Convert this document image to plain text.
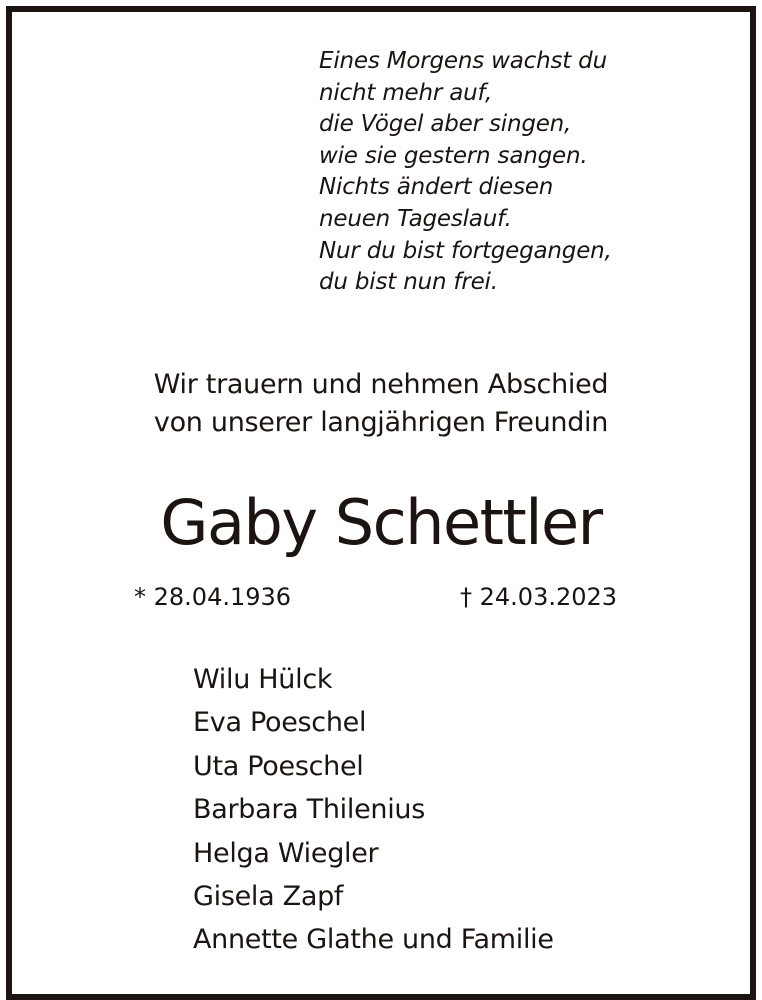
Eines Morgens wachst du
nicht mehr auf,
die Vögel aber singen,
wie sie gestern sangen.
Nichts ändert diesen
neuen Tageslauf.
Nur du bist fortgegangen,
du bist nun frei.
Wir trauern und nehmen Abschied
von unserer langjährigen Freundin
Gaby Schettler
* 28.04.1936	† 24.03.2023
Wilu Hülck
Eva Poeschel
Uta Poeschel
Barbara Thilenius
Helga Wiegler
Gisela Zapf
Annette Glathe und Familie
